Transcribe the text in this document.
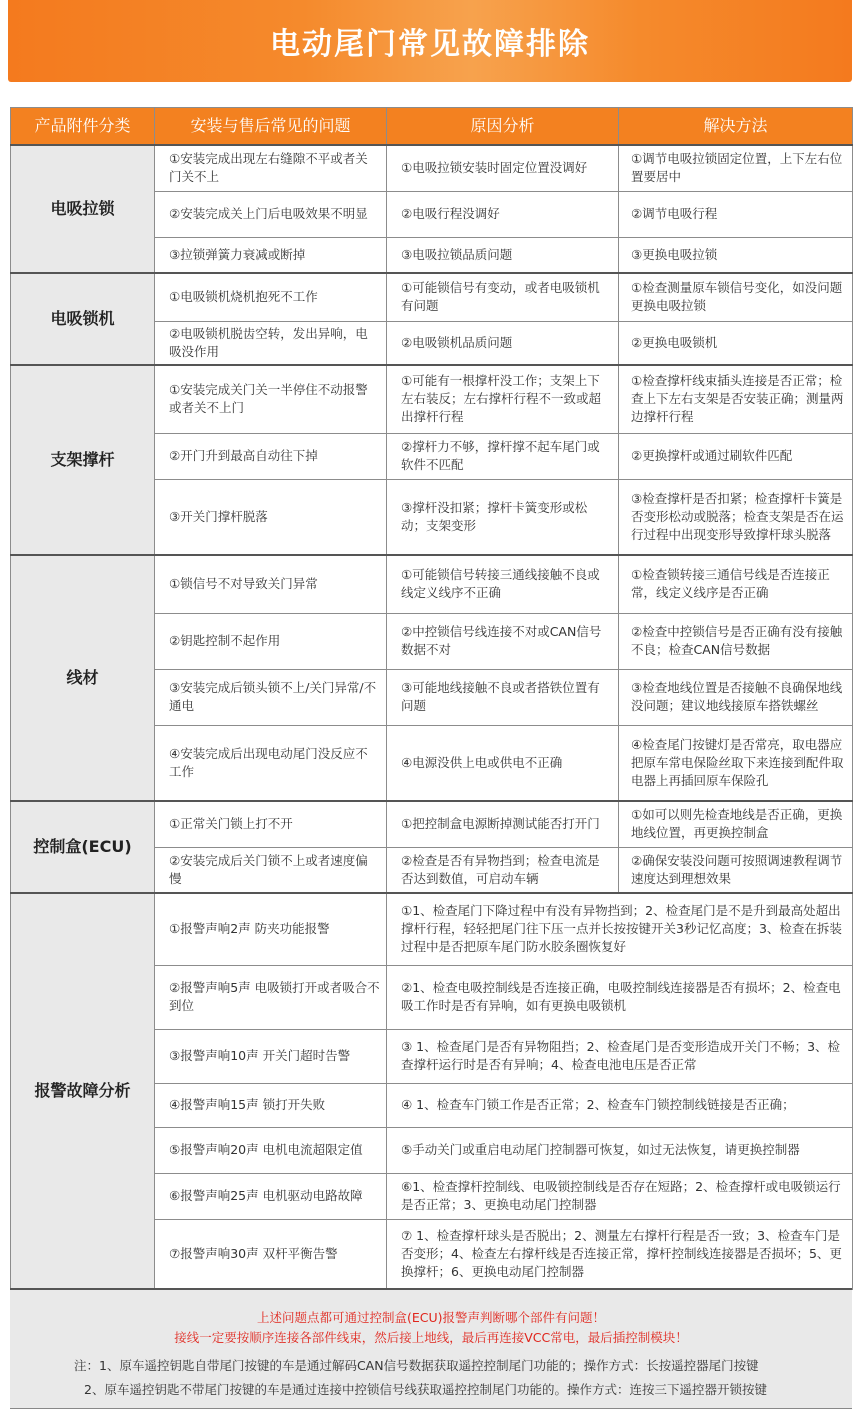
电动尾门常见故障排除
产品附件分类	安装与售后常见的问题	原因分析	解决方法
电吸拉锁	①安装完成出现左右缝隙不平或者关门关不上	①电吸拉锁安装时固定位置没调好	①调节电吸拉锁固定位置，上下左右位置要居中
	②安装完成关上门后电吸效果不明显	②电吸行程没调好	②调节电吸行程
	③拉锁弹簧力衰减或断掉	③电吸拉锁品质问题	③更换电吸拉锁
电吸锁机	①电吸锁机烧机抱死不工作	①可能锁信号有变动，或者电吸锁机有问题	①检查测量原车锁信号变化，如没问题更换电吸拉锁
	②电吸锁机脱齿空转，发出异响，电吸没作用	②电吸锁机品质问题	②更换电吸锁机
支架撑杆	①安装完成关门关一半停住不动报警或者关不上门	①可能有一根撑杆没工作；支架上下左右装反；左右撑杆行程不一致或超出撑杆行程	①检查撑杆线束插头连接是否正常；检查上下左右支架是否安装正确；测量两边撑杆行程
	②开门升到最高自动往下掉	②撑杆力不够，撑杆撑不起车尾门或软件不匹配	②更换撑杆或通过刷软件匹配
	③开关门撑杆脱落	③撑杆没扣紧；撑杆卡簧变形或松动；支架变形	③检查撑杆是否扣紧；检查撑杆卡簧是否变形松动或脱落；检查支架是否在运行过程中出现变形导致撑杆球头脱落
线材	①锁信号不对导致关门异常	①可能锁信号转接三通线接触不良或线定义线序不正确	①检查锁转接三通信号线是否连接正常，线定义线序是否正确
	②钥匙控制不起作用	②中控锁信号线连接不对或CAN信号数据不对	②检查中控锁信号是否正确有没有接触不良；检查CAN信号数据
	③安装完成后锁头锁不上/关门异常/不通电	③可能地线接触不良或者搭铁位置有问题	③检查地线位置是否接触不良确保地线没问题；建议地线接原车搭铁螺丝
	④安装完成后出现电动尾门没反应不工作	④电源没供上电或供电不正确	④检查尾门按键灯是否常亮，取电器应把原车常电保险丝取下来连接到配件取电器上再插回原车保险孔
控制盒(ECU)	①正常关门锁上打不开	①把控制盒电源断掉测试能否打开门	①如可以则先检查地线是否正确，更换地线位置，再更换控制盒
	②安装完成后关门锁不上或者速度偏慢	②检查是否有异物挡到；检查电流是否达到数值，可启动车辆	②确保安装没问题可按照调速教程调节速度达到理想效果
报警故障分析	①报警声响2声 防夹功能报警	①1、检查尾门下降过程中有没有异物挡到；2、检查尾门是不是升到最高处超出撑杆行程，轻轻把尾门往下压一点并长按按键开关3秒记忆高度；3、检查在拆装过程中是否把原车尾门防水胶条圈恢复好	
	②报警声响5声 电吸锁打开或者吸合不到位	②1、检查电吸控制线是否连接正确，电吸控制线连接器是否有损坏；2、检查电吸工作时是否有异响，如有更换电吸锁机	
	③报警声响10声 开关门超时告警	③ 1、检查尾门是否有异物阻挡；2、检查尾门是否变形造成开关门不畅；3、检查撑杆运行时是否有异响；4、检查电池电压是否正常	
	④报警声响15声 锁打开失败	④ 1、检查车门锁工作是否正常；2、检查车门锁控制线链接是否正确；	
	⑤报警声响20声 电机电流超限定值	⑤手动关门或重启电动尾门控制器可恢复，如过无法恢复，请更换控制器	
	⑥报警声响25声 电机驱动电路故障	⑥1、检查撑杆控制线、电吸锁控制线是否存在短路；2、检查撑杆或电吸锁运行是否正常；3、更换电动尾门控制器	
	⑦报警声响30声 双杆平衡告警	⑦ 1、检查撑杆球头是否脱出；2、测量左右撑杆行程是否一致；3、检查车门是否变形；4、检查左右撑杆线是否连接正常，撑杆控制线连接器是否损坏；5、更换撑杆；6、更换电动尾门控制器	
上述问题点都可通过控制盒(ECU)报警声判断哪个部件有问题！
接线一定要按顺序连接各部件线束，然后接上地线，最后再连接VCC常电，最后插控制模块！
注：1、原车遥控钥匙自带尾门按键的车是通过解码CAN信号数据获取遥控控制尾门功能的；操作方式：长按遥控器尾门按键
2、原车遥控钥匙不带尾门按键的车是通过连接中控锁信号线获取遥控控制尾门功能的。操作方式：连按三下遥控器开锁按键
